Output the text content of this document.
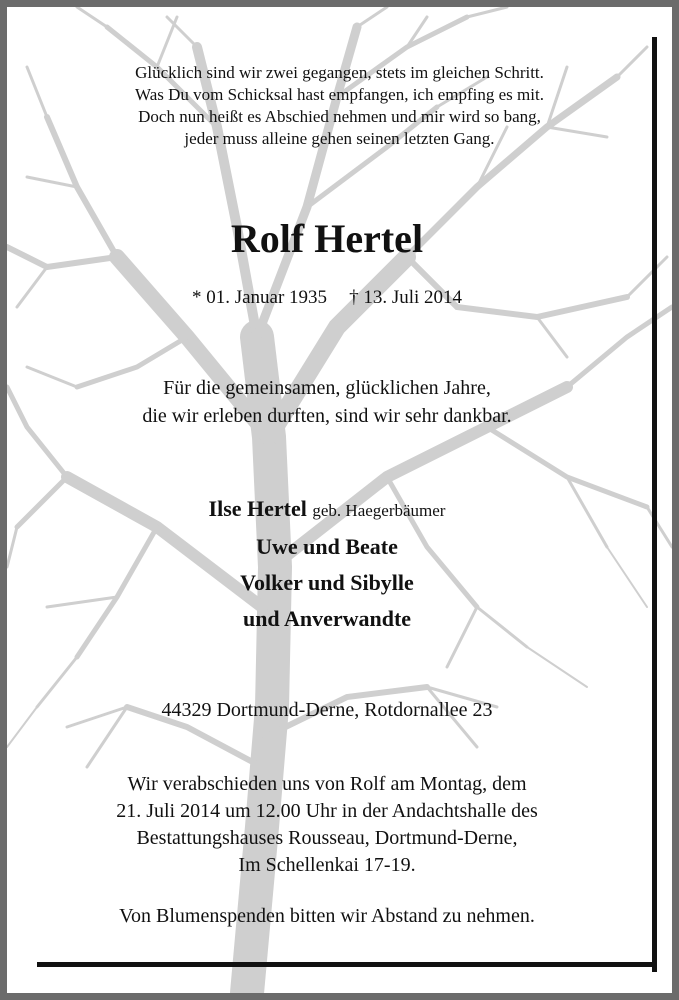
Glücklich sind wir zwei gegangen, stets im gleichen Schritt.
Was Du vom Schicksal hast empfangen, ich empfing es mit.
Doch nun heißt es Abschied nehmen und mir wird so bang,
jeder muss alleine gehen seinen letzten Gang.
Rolf Hertel
* 01. Januar 1935 † 13. Juli 2014
Für die gemeinsamen, glücklichen Jahre,
die wir erleben durften, sind wir sehr dankbar.
Ilse Hertel geb. Haegerbäumer
Uwe und Beate
Volker und Sibylle
und Anverwandte
44329 Dortmund-Derne, Rotdornallee 23
Wir verabschieden uns von Rolf am Montag, dem
21. Juli 2014 um 12.00 Uhr in der Andachtshalle des
Bestattungshauses Rousseau, Dortmund-Derne,
Im Schellenkai 17-19.
Von Blumenspenden bitten wir Abstand zu nehmen.
